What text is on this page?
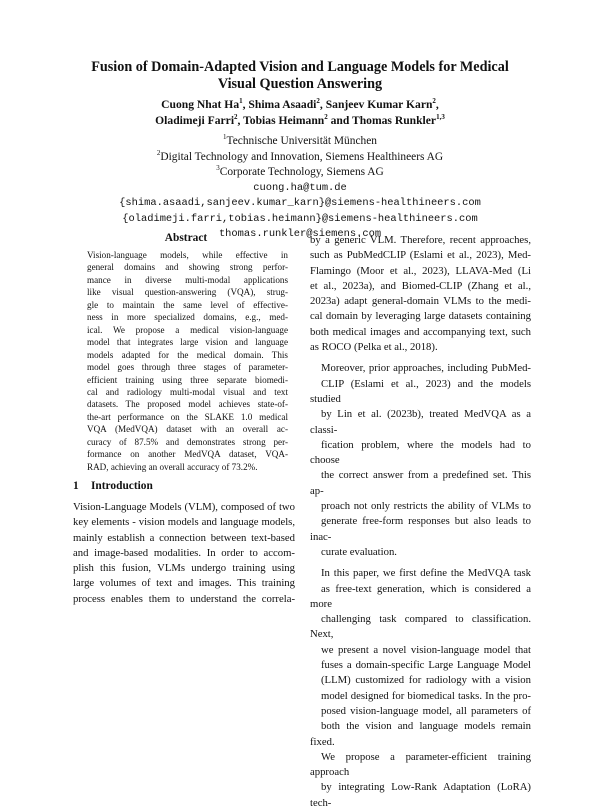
Fusion of Domain-Adapted Vision and Language Models for Medical
Visual Question Answering
Cuong Nhat Ha$^1$, Shima Asaadi$^2$, Sanjeev Kumar Karn$^2$,
Oladimeji Farri$^2$, Tobias Heimann$^2$ and Thomas Runkler$^{1,3}$
$^1$Technische Universität München
$^2$Digital Technology and Innovation, Siemens Healthineers AG
$^3$Corporate Technology, Siemens AG
cuong.ha@tum.de
{shima.asaadi,sanjeev.kumar_karn}@siemens-healthineers.com
{oladimeji.farri,tobias.heimann}@siemens-healthineers.com
thomas.runkler@siemens.com
Abstract
Vision-language models, while effective in
general domains and showing strong perfor-
mance in diverse multi-modal applications
like visual question-answering (VQA), strug-
gle to maintain the same level of effective-
ness in more specialized domains, e.g., med-
ical. We propose a medical vision-language
model that integrates large vision and language
models adapted for the medical domain. This
model goes through three stages of parameter-
efficient training using three separate biomedi-
cal and radiology multi-modal visual and text
datasets. The proposed model achieves state-of-
the-art performance on the SLAKE 1.0 medical
VQA (MedVQA) dataset with an overall ac-
curacy of 87.5% and demonstrates strong per-
formance on another MedVQA dataset, VQA-
RAD, achieving an overall accuracy of 73.2%.
1 Introduction
Vision-Language Models (VLM), composed of two
key elements - vision models and language models,
mainly establish a connection between text-based
and image-based modalities. In order to accom-
plish this fusion, VLMs undergo training using
large volumes of text and images. This training
process enables them to understand the correla-

by a generic VLM. Therefore, recent approaches,
such as PubMedCLIP (Eslami et al., 2023), Med-
Flamingo (Moor et al., 2023), LLAVA-Med (Li
et al., 2023a), and Biomed-CLIP (Zhang et al.,
2023a) adapt general-domain VLMs to the medi-
cal domain by leveraging large datasets containing
both medical images and accompanying text, such
as ROCO (Pelka et al., 2018).

Moreover, prior approaches, including PubMed-
CLIP (Eslami et al., 2023) and the models studied
by Lin et al. (2023b), treated MedVQA as a classi-
fication problem, where the models had to choose
the correct answer from a predefined set. This ap-
proach not only restricts the ability of VLMs to
generate free-form responses but also leads to inac-
curate evaluation.

In this paper, we first define the MedVQA task
as free-text generation, which is considered a more
challenging task compared to classification. Next,
we present a novel vision-language model that
fuses a domain-specific Large Language Model
(LLM) customized for radiology with a vision
model designed for biomedical tasks. In the pro-
posed vision-language model, all parameters of
both the vision and language models remain fixed.
We propose a parameter-efficient training approach
by integrating Low-Rank Adaptation (LoRA) tech-
